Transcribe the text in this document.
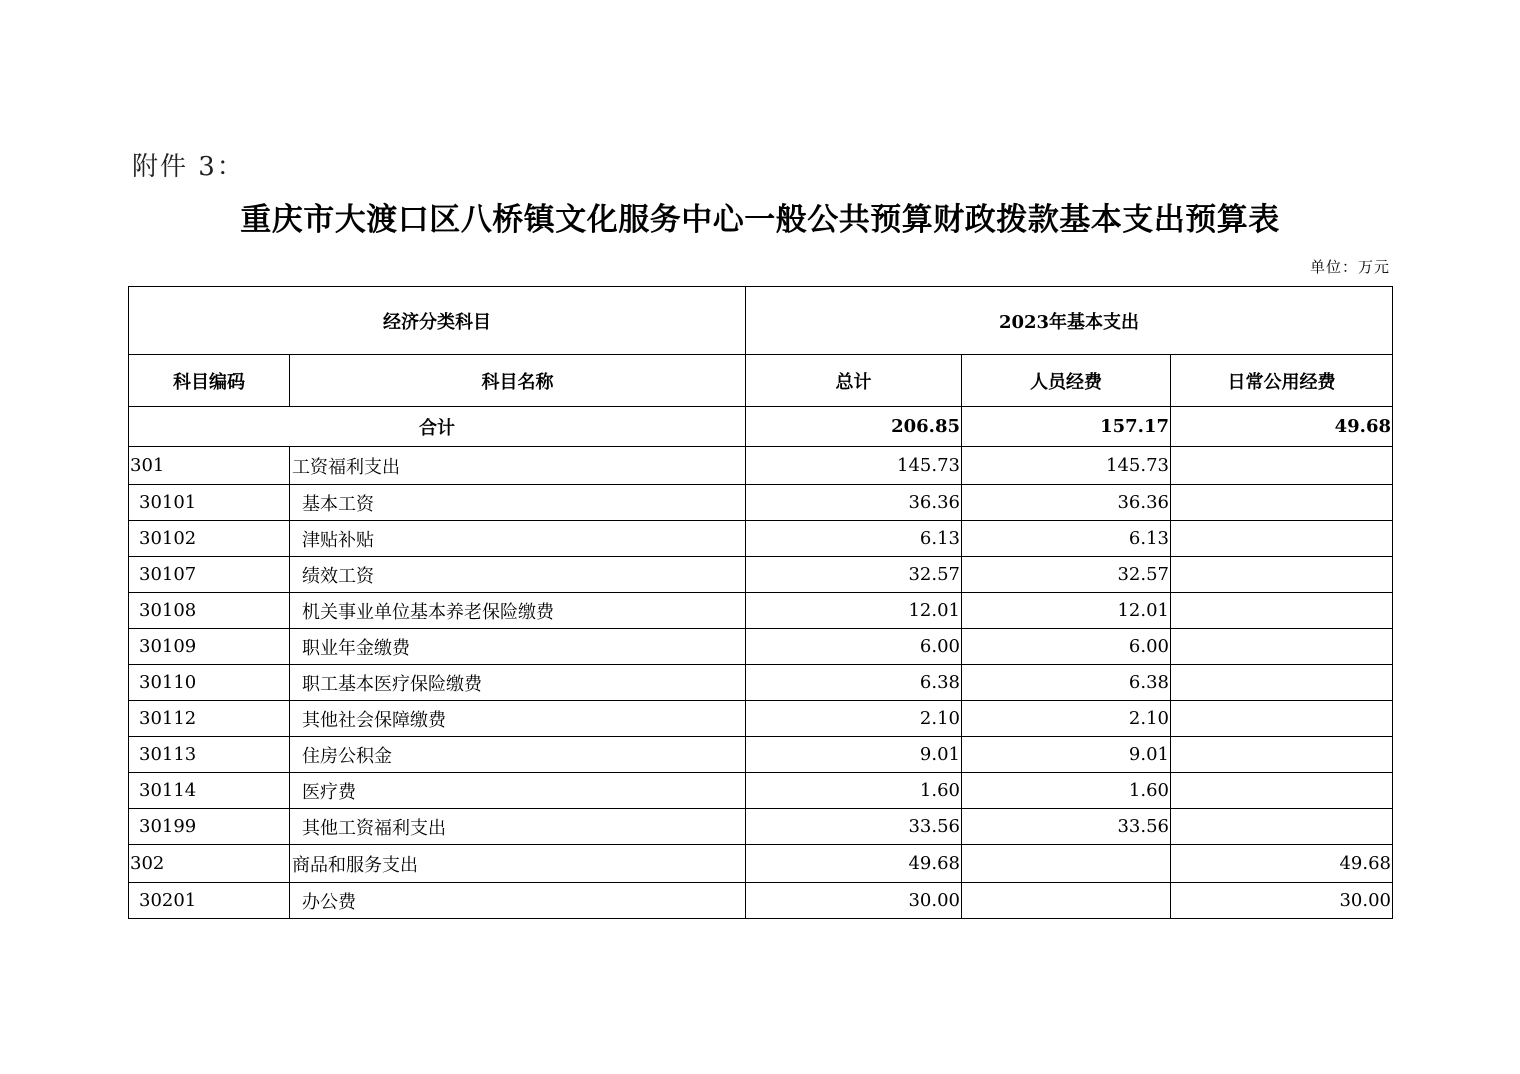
附件 3：
重庆市大渡口区八桥镇文化服务中心一般公共预算财政拨款基本支出预算表
单位：万元
经济分类科目		2023年基本支出		
科目编码	科目名称	总计	人员经费	日常公用经费
合计		206.85	157.17	49.68
301	工资福利支出	145.73	145.73	
30101	基本工资	36.36	36.36	
30102	津贴补贴	6.13	6.13	
30107	绩效工资	32.57	32.57	
30108	机关事业单位基本养老保险缴费	12.01	12.01	
30109	职业年金缴费	6.00	6.00	
30110	职工基本医疗保险缴费	6.38	6.38	
30112	其他社会保障缴费	2.10	2.10	
30113	住房公积金	9.01	9.01	
30114	医疗费	1.60	1.60	
30199	其他工资福利支出	33.56	33.56	
302	商品和服务支出	49.68		49.68
30201	办公费	30.00		30.00
